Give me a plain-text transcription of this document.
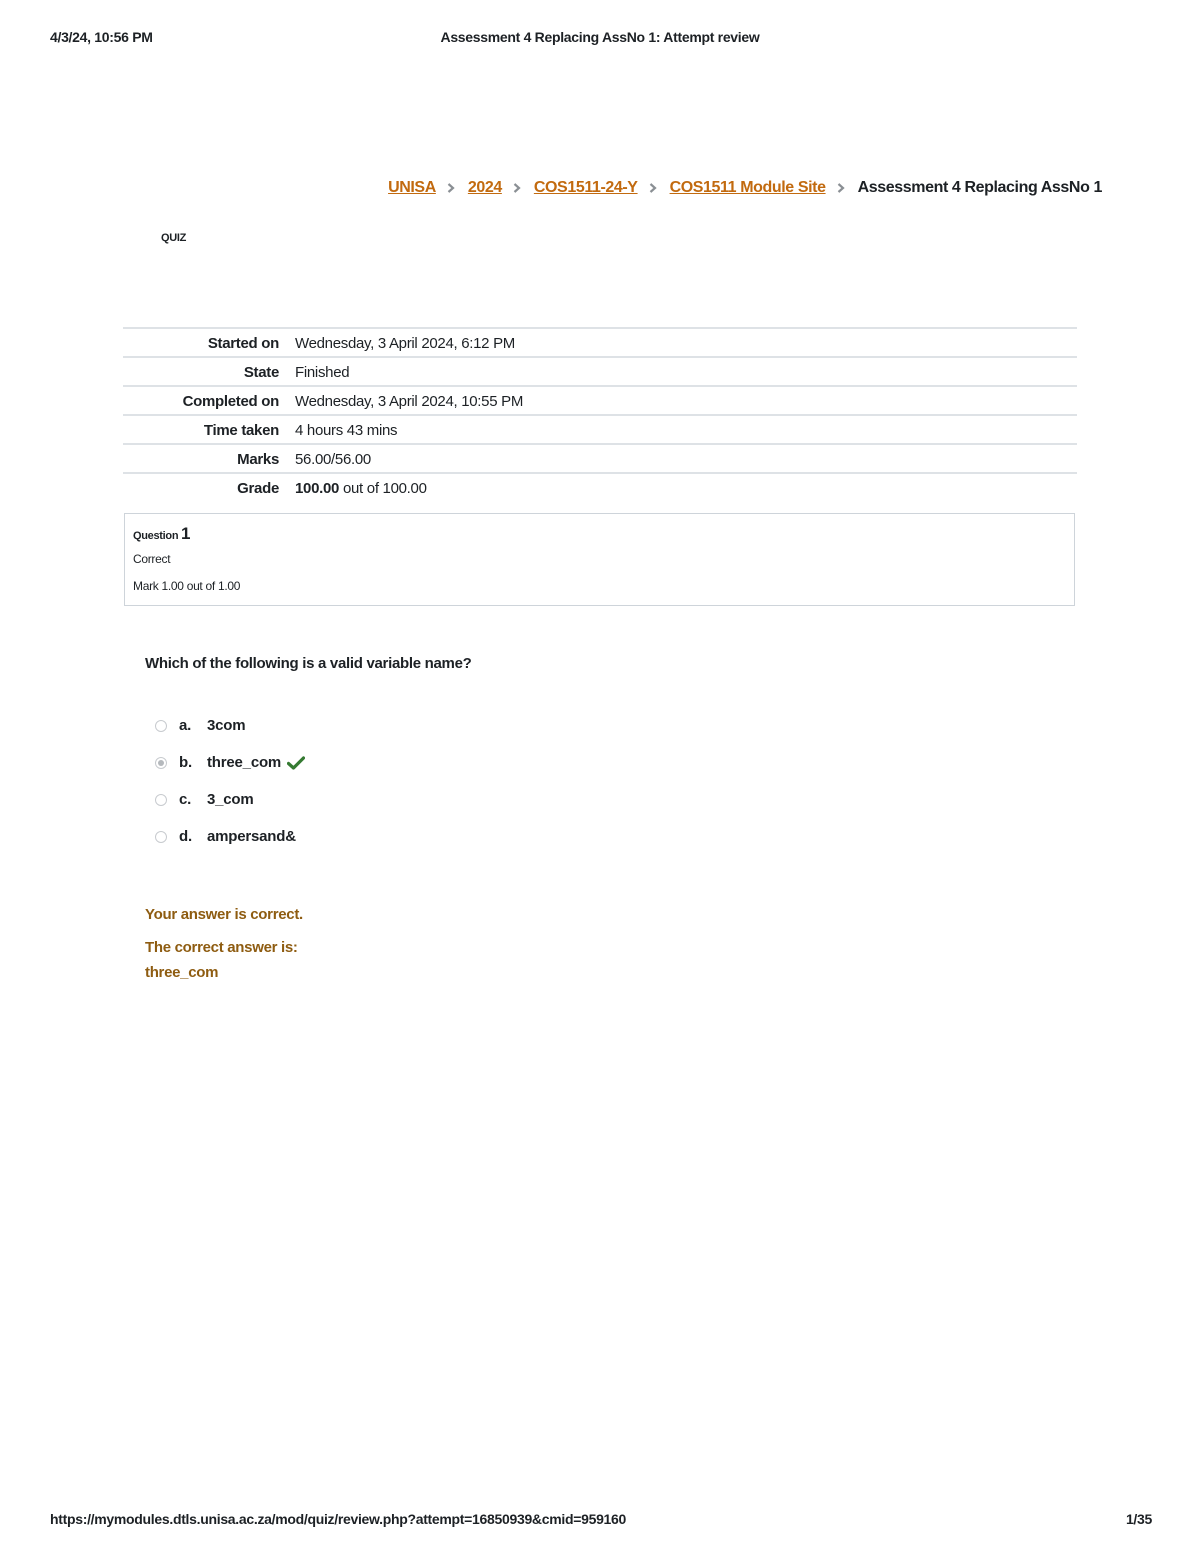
4/3/24, 10:56 PM	Assessment 4 Replacing AssNo 1: Attempt review
UNISA 2024 COS1511-24-Y COS1511 Module Site Assessment 4 Replacing AssNo 1
QUIZ
Started on	Wednesday, 3 April 2024, 6:12 PM
State	Finished
Completed on	Wednesday, 3 April 2024, 10:55 PM
Time taken	4 hours 43 mins
Marks	56.00/56.00
Grade	100.00 out of 100.00
Question 1
Correct
Mark 1.00 out of 1.00
Which of the following is a valid variable name?
a.	3com
b.	three_com
c.	3_com
d.	ampersand&
Your answer is correct.
The correct answer is:
three_com
https://mymodules.dtls.unisa.ac.za/mod/quiz/review.php?attempt=16850939&cmid=959160	1/35
